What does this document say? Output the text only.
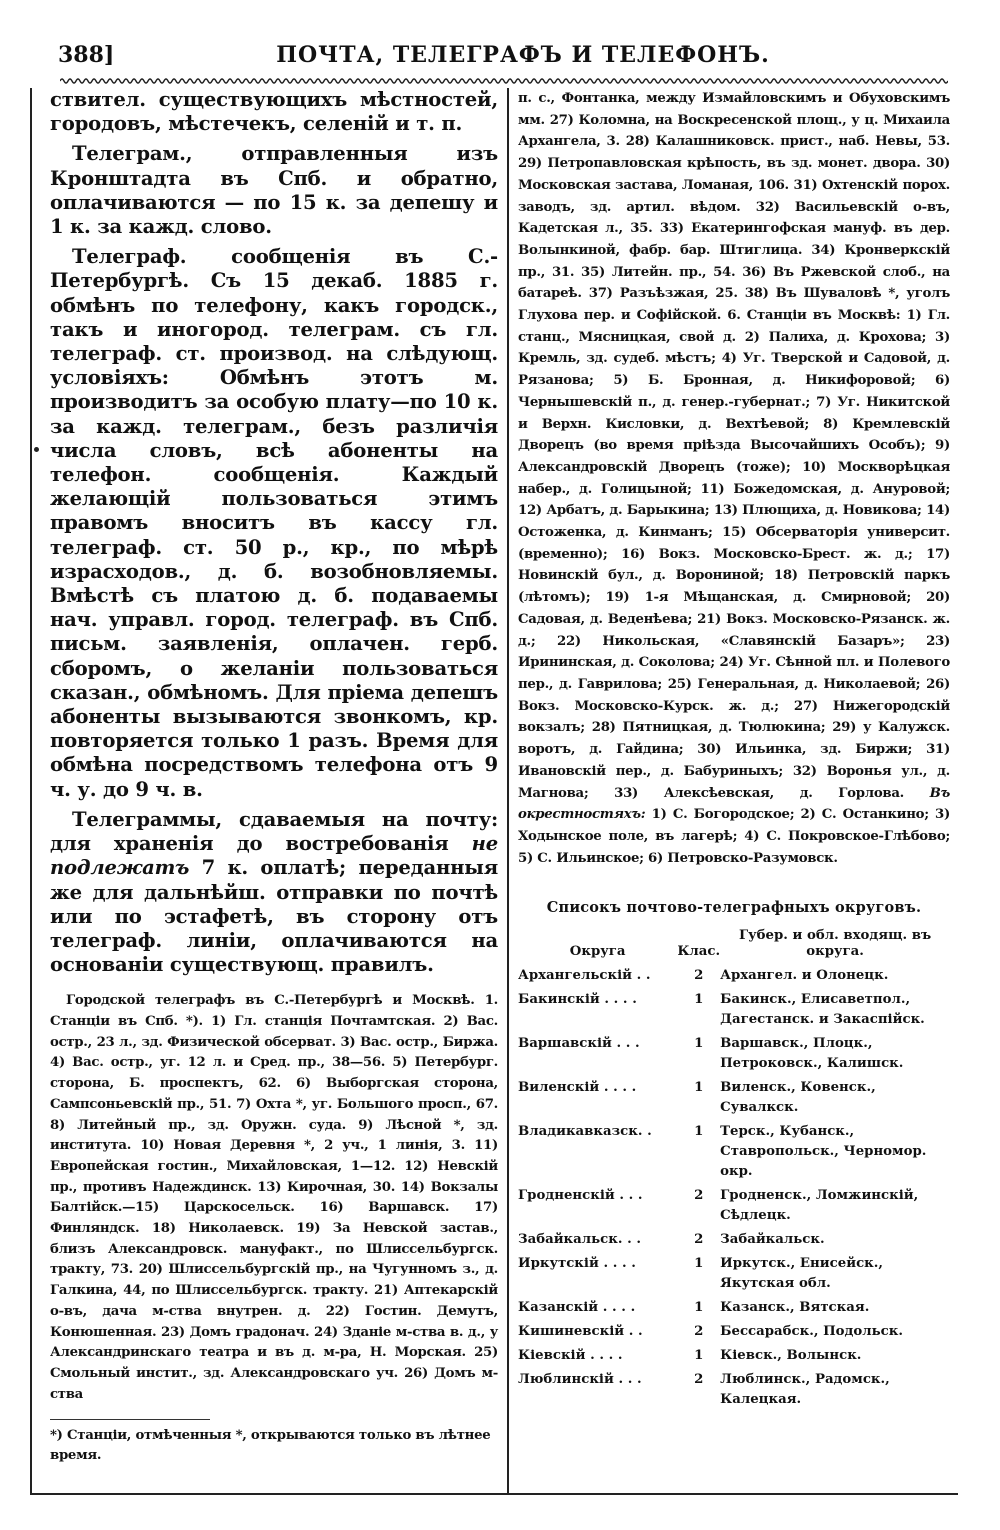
388]	ПОЧТА, ТЕЛЕГРАФЪ И ТЕЛЕФОНЪ.

ствител. существующихъ мѣстностей, городовъ, мѣстечекъ, селеній и т. п.

Телеграм., отправленныя изъ Кронштадта въ Спб. и обратно, оплачиваются — по 15 к. за депешу и 1 к. за кажд. слово.

Телеграф. сообщенія въ С.-Петербургѣ. Съ 15 декаб. 1885 г. обмѣнъ по телефону, какъ городск., такъ и иногород. телеграм. съ гл. телеграф. ст. производ. на слѣдующ. условіяхъ: Обмѣнъ этотъ м. производитъ за особую плату—по 10 к. за кажд. телеграм., безъ различія числа словъ, всѣ абоненты на телефон. сообщенія. Каждый желающій пользоваться этимъ правомъ вноситъ въ кассу гл. телеграф. ст. 50 р., кр., по мѣрѣ израсходов., д. б. возобновляемы. Вмѣстѣ съ платою д. б. подаваемы нач. управл. город. телеграф. въ Спб. письм. заявленія, оплачен. герб. сборомъ, о желаніи пользоваться сказан., обмѣномъ. Для пріема депешъ абоненты вызываются звонкомъ, кр. повторяется только 1 разъ. Время для обмѣна посредствомъ телефона отъ 9 ч. у. до 9 ч. в.

Телеграммы, сдаваемыя на почту: для храненія до востребованія не подлежатъ 7 к. оплатѣ; переданныя же для дальнѣйш. отправки по почтѣ или по эстафетѣ, въ сторону отъ телеграф. линіи, оплачиваются на основаніи существующ. правилъ.

Городской телеграфъ въ С.-Петербургѣ и Москвѣ. 1. Станціи въ Спб. *). 1) Гл. станція Почтамтская. 2) Вас. остр., 23 л., зд. Физической обсерват. 3) Вас. остр., Биржа. 4) Вас. остр., уг. 12 л. и Сред. пр., 38—56. 5) Петербург. сторона, Б. проспектъ, 62. 6) Выборгская сторона, Сампсоньевскій пр., 51. 7) Охта *, уг. Большого просп., 67. 8) Литейный пр., зд. Оружн. суда. 9) Лѣсной *, зд. института. 10) Новая Деревня *, 2 уч., 1 линія, 3. 11) Европейская гостин., Михайловская, 1—12. 12) Невскій пр., противъ Надеждинск. 13) Кирочная, 30. 14) Вокзалы Балтійск.—15) Царскосельск. 16) Варшавск. 17) Финляндск. 18) Николаевск. 19) За Невской застав., близъ Александровск. мануфакт., по Шлиссельбургск. тракту, 73. 20) Шлиссельбургскій пр., на Чугунномъ з., д. Галкина, 44, по Шлиссельбургск. тракту. 21) Аптекарскій о-въ, дача м-ства внутрен. д. 22) Гостин. Демутъ, Конюшенная. 23) Домъ градонач. 24) Зданіе м-ства в. д., у Александринскаго театра и въ д. м-ра, Н. Морская. 25) Смольный инстит., зд. Александровскаго уч. 26) Домъ м-ства

*) Станціи, отмѣченныя *, открываются только въ лѣтнее время.

п. с., Фонтанка, между Измайловскимъ и Обуховскимъ мм. 27) Коломна, на Воскресенской площ., у ц. Михаила Архангела, 3. 28) Калашниковск. прист., наб. Невы, 53. 29) Петропавловская крѣпость, въ зд. монет. двора. 30) Московская застава, Ломаная, 106. 31) Охтенскій порох. заводъ, зд. артил. вѣдом. 32) Васильевскій о-въ, Кадетская л., 35. 33) Екатерингофская мануф. въ дер. Волынкиной, фабр. бар. Штиглица. 34) Кронверкскій пр., 31. 35) Литейн. пр., 54. 36) Въ Ржевской слоб., на батареѣ. 37) Разъѣзжая, 25. 38) Въ Шуваловѣ *, уголъ Глухова пер. и Софійской. 6. Станціи въ Москвѣ: 1) Гл. станц., Мясницкая, свой д. 2) Палиха, д. Крохова; 3) Кремль, зд. судеб. мѣстъ; 4) Уг. Тверской и Садовой, д. Рязанова; 5) Б. Бронная, д. Никифоровой; 6) Чернышевскій п., д. генер.-губернат.; 7) Уг. Никитской и Верхн. Кисловки, д. Вехтѣевой; 8) Кремлевскій Дворецъ (во время пріѣзда Высочайшихъ Особъ); 9) Александровскій Дворецъ (тоже); 10) Москворѣцкая набер., д. Голицыной; 11) Божедомская, д. Ануровой; 12) Арбатъ, д. Барыкина; 13) Плющиха, д. Новикова; 14) Остоженка, д. Кинманъ; 15) Обсерваторія университ. (временно); 16) Вокз. Московско-Брест. ж. д.; 17) Новинскій бул., д. Ворониной; 18) Петровскій паркъ (лѣтомъ); 19) 1-я Мѣщанская, д. Смирновой; 20) Садовая, д. Веденѣева; 21) Вокз. Московско-Рязанск. ж. д.; 22) Никольская, «Славянскій Базаръ»; 23) Ирининская, д. Соколова; 24) Уг. Сѣнной пл. и Полевого пер., д. Гаврилова; 25) Генеральная, д. Николаевой; 26) Вокз. Московско-Курск. ж. д.; 27) Нижегородскій вокзалъ; 28) Пятницкая, д. Тюлюкина; 29) у Калужск. воротъ, д. Гайдина; 30) Ильинка, зд. Биржи; 31) Ивановскій пер., д. Бабуриныхъ; 32) Воронья ул., д. Магнова; 33) Алексѣевская, д. Горлова. Въ окрестностяхъ: 1) С. Богородское; 2) С. Останкино; 3) Ходынское поле, въ лагерѣ; 4) С. Покровское-Глѣбово; 5) С. Ильинское; 6) Петровско-Разумовск.

Списокъ почтово-телеграфныхъ округовъ.
Округа	Клас.	Губер. и обл. входящ. въ округа.
Архангельскій . .	2	Архангел. и Олонецк.
Бакинскій . . . .	1	Бакинск., Елисаветпол., Дагестанск. и Закаспійск.
Варшавскій . . .	1	Варшавск., Плоцк., Петроковск., Калишск.
Виленскій . . . .	1	Виленск., Ковенск., Сувалкск.
Владикавказск. .	1	Терск., Кубанск., Ставропольск., Черномор. окр.
Гродненскій . . .	2	Гродненск., Ломжинскій, Сѣдлецк.
Забайкальск. . .	2	Забайкальск.
Иркутскій . . . .	1	Иркутск., Енисейск., Якутская обл.
Казанскій . . . .	1	Казанск., Вятская.
Кишиневскій . .	2	Бессарабск., Подольск.
Кіевскій . . . .	1	Кіевск., Волынск.
Люблинскій . . .	2	Люблинск., Радомск., Калецкая.
